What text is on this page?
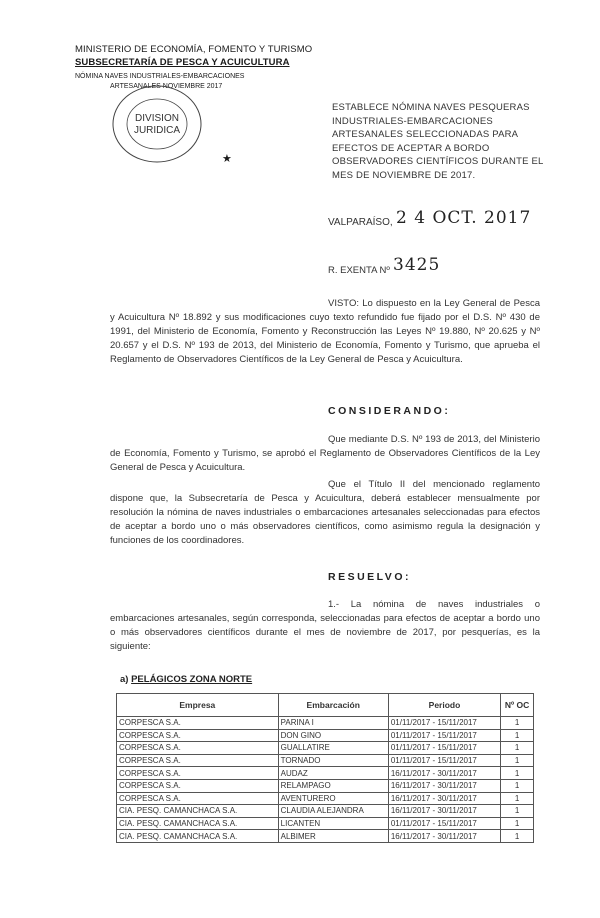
MINISTERIO DE ECONOMÍA, FOMENTO Y TURISMO
SUBSECRETARÍA DE PESCA Y ACUICULTURA
NÓMINA NAVES INDUSTRIALES-EMBARCACIONES
ARTESANALES NOVIEMBRE 2017
DIVISION
JURIDICA
★
ESTABLECE NÓMINA NAVES PESQUERAS INDUSTRIALES-EMBARCACIONES ARTESANALES SELECCIONADAS PARA EFECTOS DE ACEPTAR A BORDO OBSERVADORES CIENTÍFICOS DURANTE EL MES DE NOVIEMBRE DE 2017.
VALPARAÍSO, 2 4 OCT. 2017
R. EXENTA Nº 3425
VISTO: Lo dispuesto en la Ley General de Pesca y Acuicultura Nº 18.892 y sus modificaciones cuyo texto refundido fue fijado por el D.S. Nº 430 de 1991, del Ministerio de Economía, Fomento y Reconstrucción las Leyes Nº 19.880, Nº 20.625 y Nº 20.657 y el D.S. Nº 193 de 2013, del Ministerio de Economía, Fomento y Turismo, que aprueba el Reglamento de Observadores Científicos de la Ley General de Pesca y Acuicultura.
CONSIDERANDO:
Que mediante D.S. Nº 193 de 2013, del Ministerio de Economía, Fomento y Turismo, se aprobó el Reglamento de Observadores Científicos de la Ley General de Pesca y Acuicultura.
Que el Título II del mencionado reglamento dispone que, la Subsecretaría de Pesca y Acuicultura, deberá establecer mensualmente por resolución la nómina de naves industriales o embarcaciones artesanales seleccionadas para efectos de aceptar a bordo uno o más observadores científicos, como asimismo regula la designación y funciones de los coordinadores.
RESUELVO:
1.- La nómina de naves industriales o embarcaciones artesanales, según corresponda, seleccionadas para efectos de aceptar a bordo uno o más observadores científicos durante el mes de noviembre de 2017, por pesquerías, es la siguiente:
a) PELÁGICOS ZONA NORTE
Empresa	Embarcación	Periodo	Nº OC
CORPESCA S.A.	PARINA I	01/11/2017 - 15/11/2017	1
CORPESCA S.A.	DON GINO	01/11/2017 - 15/11/2017	1
CORPESCA S.A.	GUALLATIRE	01/11/2017 - 15/11/2017	1
CORPESCA S.A.	TORNADO	01/11/2017 - 15/11/2017	1
CORPESCA S.A.	AUDAZ	16/11/2017 - 30/11/2017	1
CORPESCA S.A.	RELAMPAGO	16/11/2017 - 30/11/2017	1
CORPESCA S.A.	AVENTURERO	16/11/2017 - 30/11/2017	1
CIA. PESQ. CAMANCHACA S.A.	CLAUDIA ALEJANDRA	16/11/2017 - 30/11/2017	1
CIA. PESQ. CAMANCHACA S.A.	LICANTEN	01/11/2017 - 15/11/2017	1
CIA. PESQ. CAMANCHACA S.A.	ALBIMER	16/11/2017 - 30/11/2017	1
